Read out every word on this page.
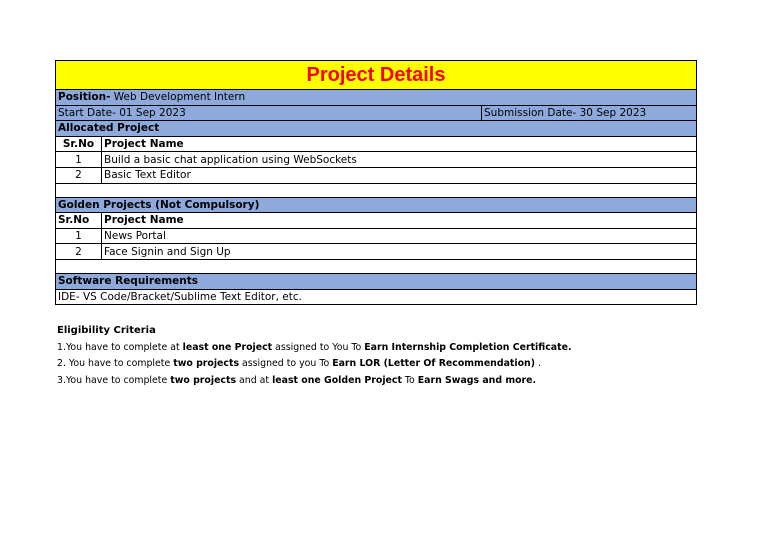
Project Details		
Position- Web Development Intern		
Start Date- 01 Sep 2023		Submission Date- 30 Sep 2023
Allocated Project		
Sr.No	Project Name	
1	Build a basic chat application using WebSockets	
2	Basic Text Editor	

Golden Projects (Not Compulsory)		
Sr.No	Project Name	
1	News Portal	
2	Face Signin and Sign Up	

Software Requirements		
IDE- VS Code/Bracket/Sublime Text Editor, etc.		

Eligibility Criteria

1.You have to complete at least one Project assigned to You To Earn Internship Completion Certificate.

2. You have to complete two projects assigned to you To Earn LOR (Letter Of Recommendation) .

3.You have to complete two projects and at least one Golden Project To Earn Swags and more.
